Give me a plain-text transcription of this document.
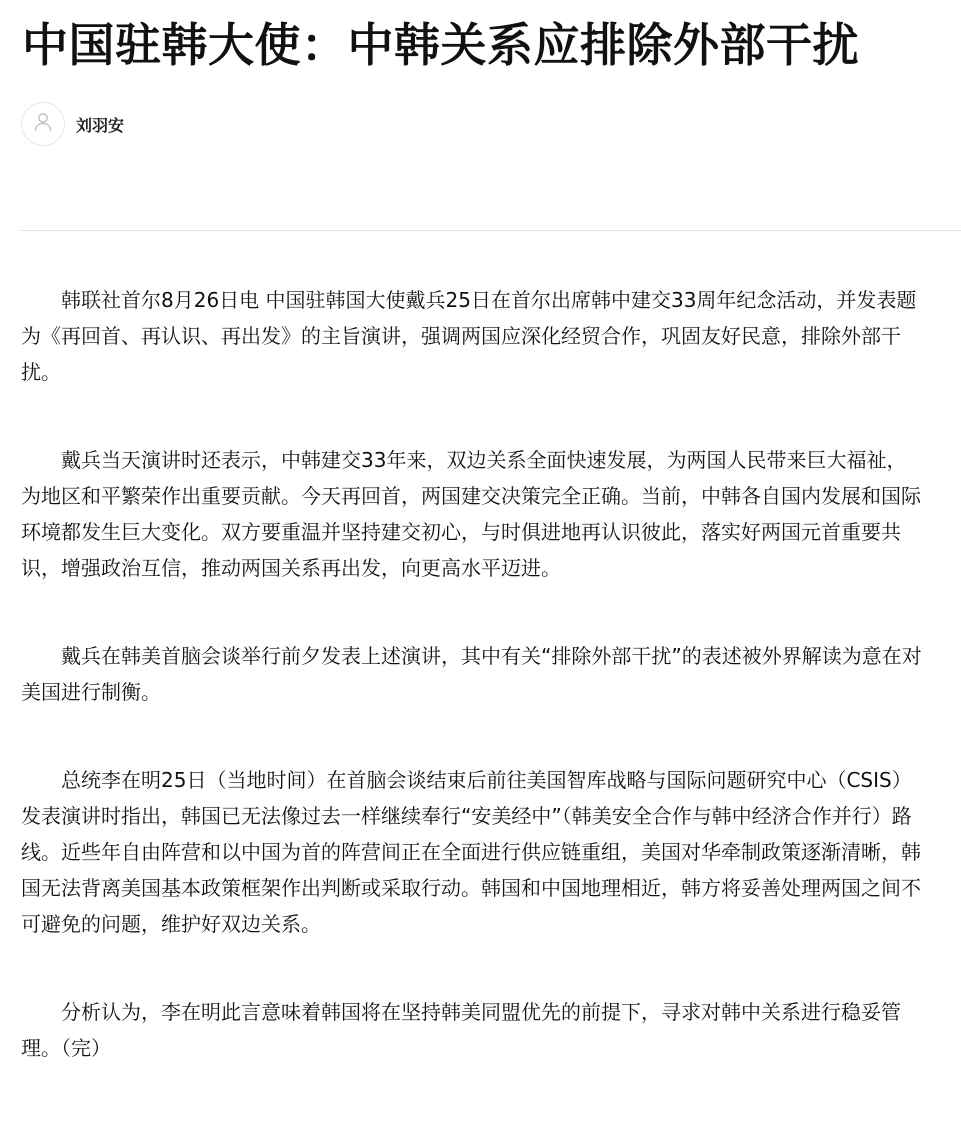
中国驻韩大使：中韩关系应排除外部干扰
刘羽安

韩联社首尔8月26日电 中国驻韩国大使戴兵25日在首尔出席韩中建交33周年纪念活动，并发表题为《再回首、再认识、再出发》的主旨演讲，强调两国应深化经贸合作，巩固友好民意，排除外部干扰。

戴兵当天演讲时还表示，中韩建交33年来，双边关系全面快速发展，为两国人民带来巨大福祉，为地区和平繁荣作出重要贡献。今天再回首，两国建交决策完全正确。当前，中韩各自国内发展和国际环境都发生巨大变化。双方要重温并坚持建交初心，与时俱进地再认识彼此，落实好两国元首重要共识，增强政治互信，推动两国关系再出发，向更高水平迈进。

戴兵在韩美首脑会谈举行前夕发表上述演讲，其中有关“排除外部干扰”的表述被外界解读为意在对美国进行制衡。

总统李在明25日（当地时间）在首脑会谈结束后前往美国智库战略与国际问题研究中心（CSIS）发表演讲时指出，韩国已无法像过去一样继续奉行“安美经中”（韩美安全合作与韩中经济合作并行）路线。近些年自由阵营和以中国为首的阵营间正在全面进行供应链重组，美国对华牵制政策逐渐清晰，韩国无法背离美国基本政策框架作出判断或采取行动。韩国和中国地理相近，韩方将妥善处理两国之间不可避免的问题，维护好双边关系。

分析认为，李在明此言意味着韩国将在坚持韩美同盟优先的前提下，寻求对韩中关系进行稳妥管理。（完）
